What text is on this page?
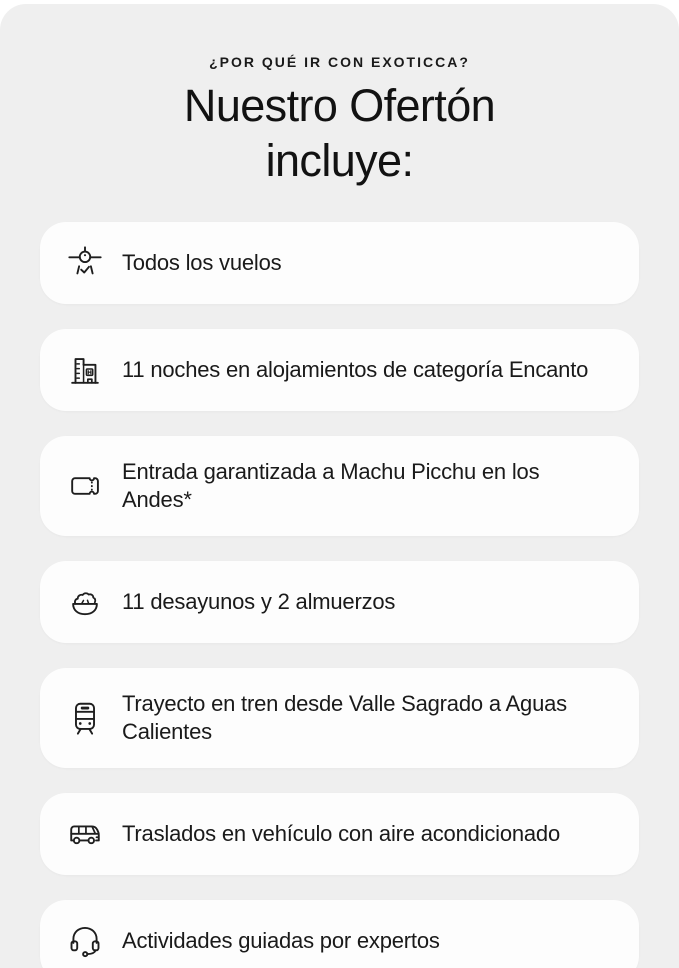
¿POR QUÉ IR CON EXOTICCA?
Nuestro Ofertón
incluye:
Todos los vuelos
11 noches en alojamientos de categoría Encanto
Entrada garantizada a Machu Picchu en los Andes*
11 desayunos y 2 almuerzos
Trayecto en tren desde Valle Sagrado a Aguas Calientes
Traslados en vehículo con aire acondicionado
Actividades guiadas por expertos
